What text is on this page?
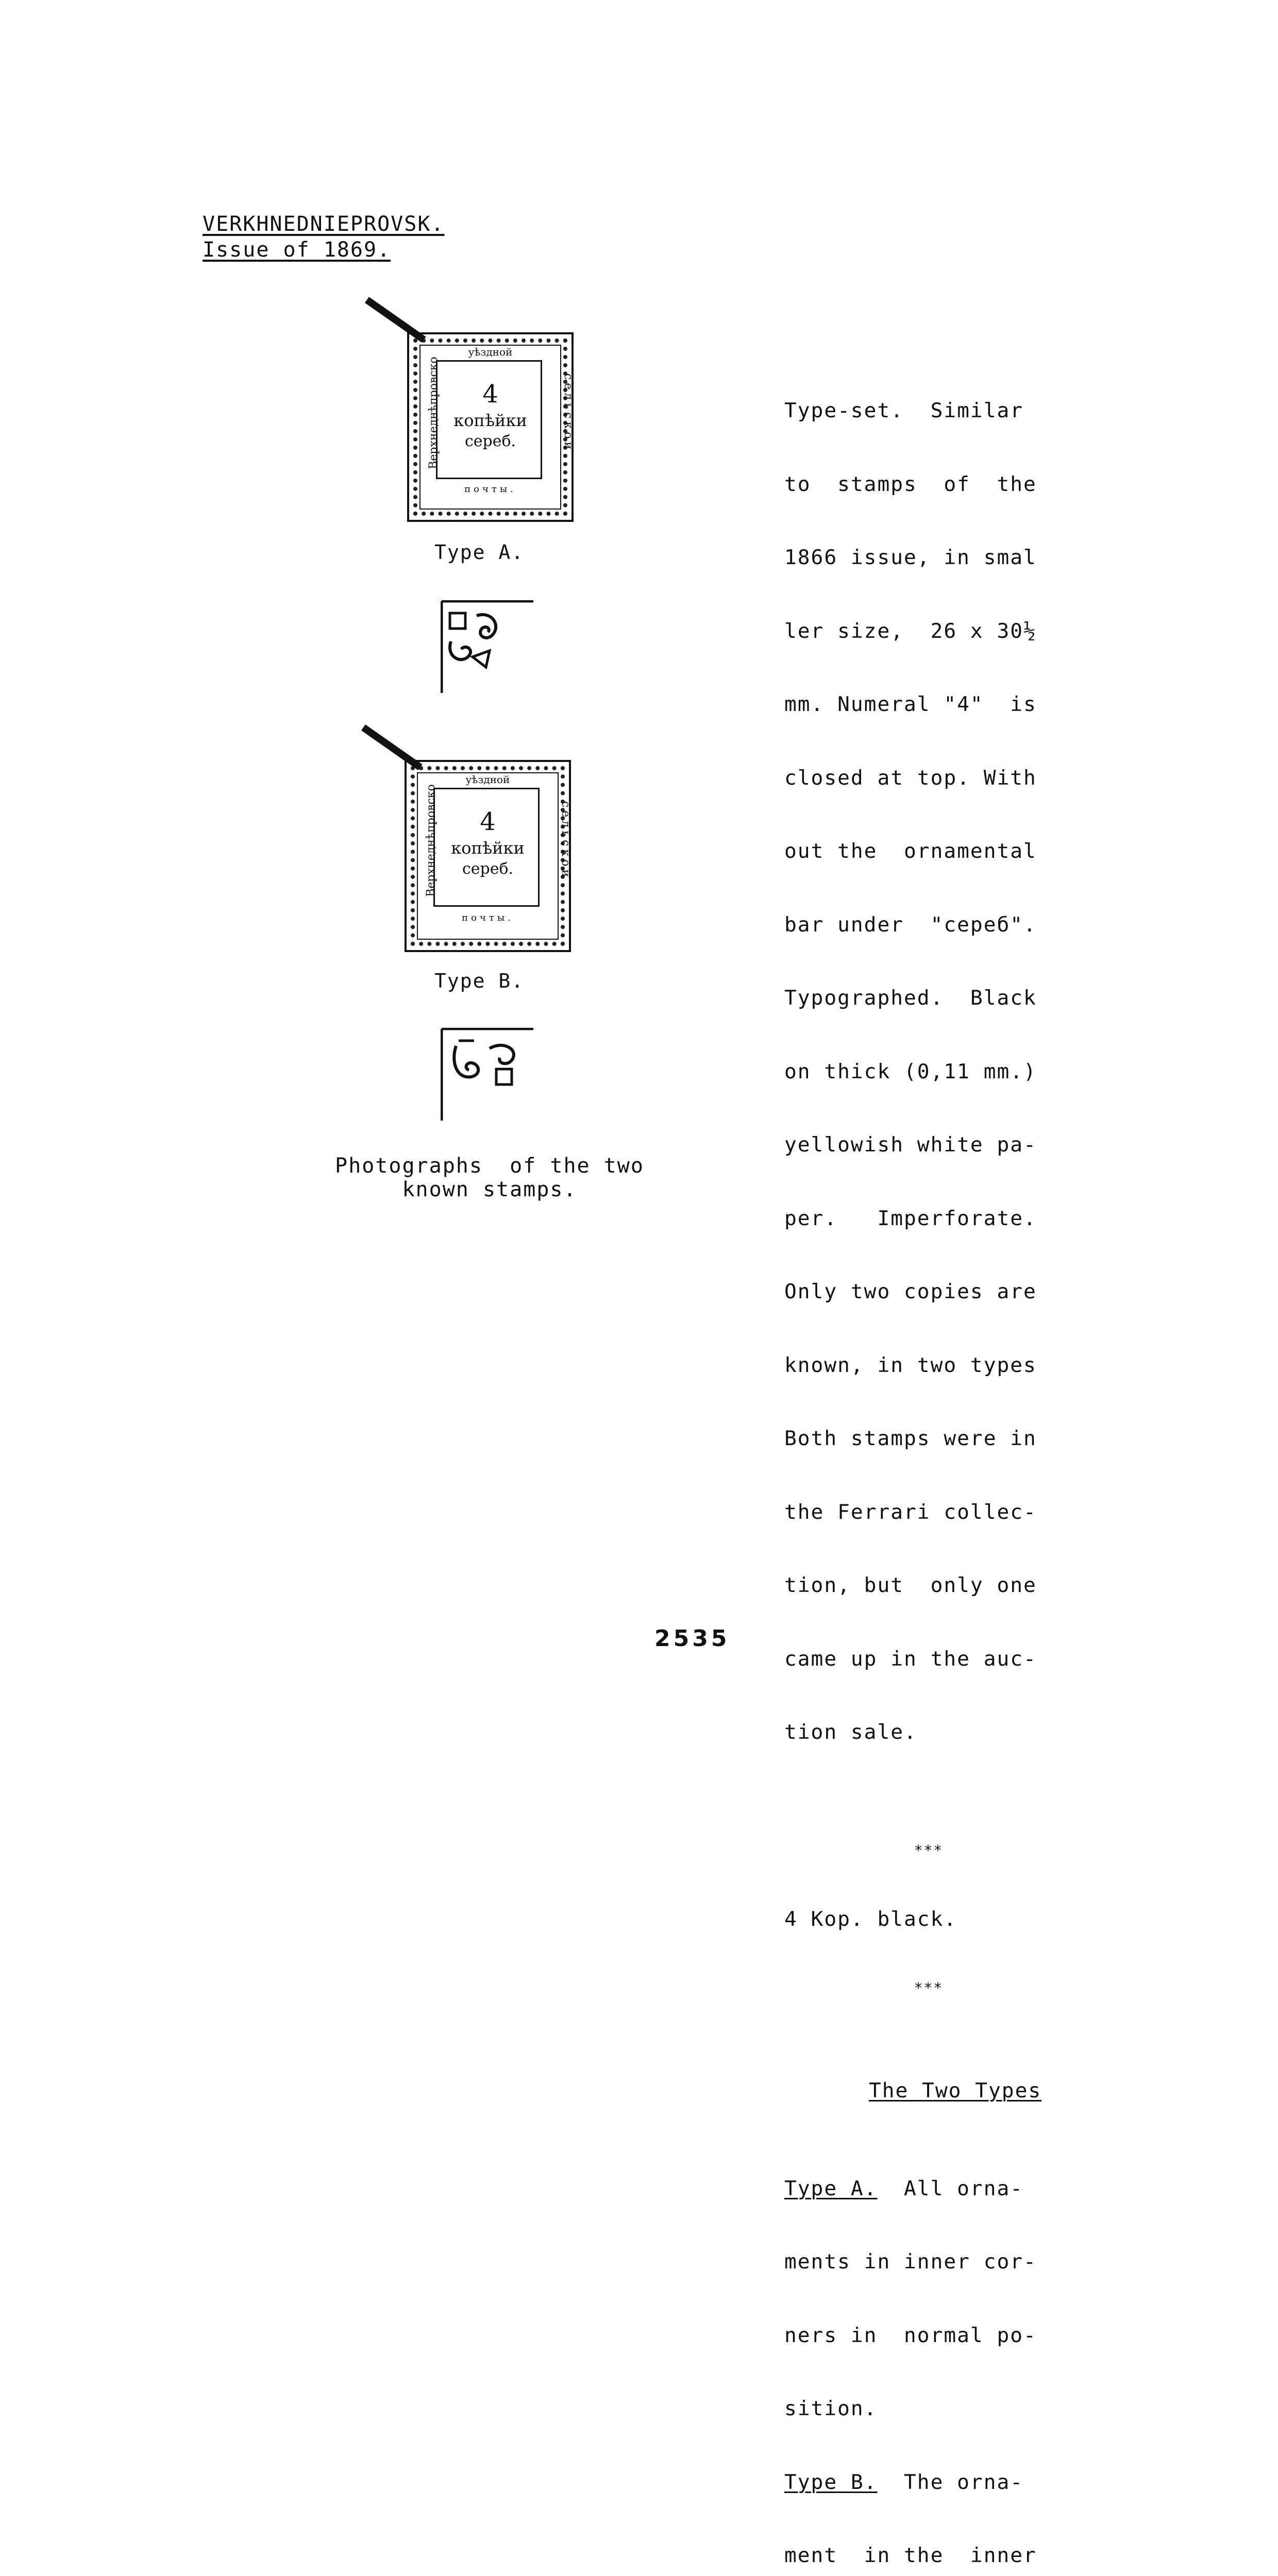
VERKHNEDNIEPROVSK.
Issue of 1869.
уѣздной
4
копѣйки
сереб.
почты.
Верхнеднѣпровско	сельской
Type A.
уѣздной
4
копѣйки
сереб.
почты.
Верхнеднѣпровско	сельской
Type B.
Photographs  of the two
known stamps.

Type-set.  Similar

to  stamps  of  the

1866 issue, in smal

ler size,  26 x 30½

mm. Numeral "4"  is

closed at top. With

out the  ornamental

bar under  "сереб".

Typographed.  Black

on thick (0,11 mm.)

yellowish white pa-

per.   Imperforate.

Only two copies are

known, in two types

Both stamps were in

the Ferrari collec-

tion, but  only one

came up in the auc-

tion sale.

***

4 Kop. black.

***

The Two Types

Type A.  All orna-

ments in inner cor-

ners in  normal po-

sition.

Type B.  The orna-

ment  in the  inner

2535
